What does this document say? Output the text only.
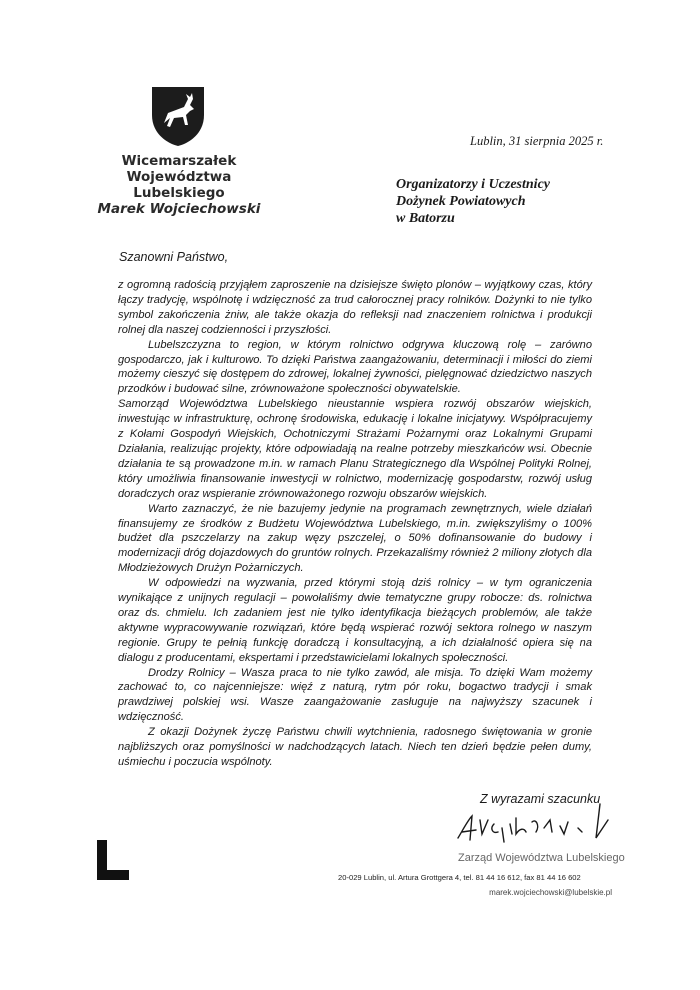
Wicemarszałek
Województwa Lubelskiego
Marek Wojciechowski
Lublin, 31 sierpnia 2025 r.
Organizatorzy i Uczestnicy
Dożynek Powiatowych
w Batorzu
Szanowni Państwo,

z ogromną radością przyjąłem zaproszenie na dzisiejsze święto plonów – wyjątkowy czas, który łączy tradycję, wspólnotę i wdzięczność za trud całorocznej pracy rolników. Dożynki to nie tylko symbol zakończenia żniw, ale także okazja do refleksji nad znaczeniem rolnictwa i produkcji rolnej dla naszej codzienności i przyszłości.

Lubelszczyzna to region, w którym rolnictwo odgrywa kluczową rolę – zarówno gospodarczo, jak i kulturowo. To dzięki Państwa zaangażowaniu, determinacji i miłości do ziemi możemy cieszyć się dostępem do zdrowej, lokalnej żywności, pielęgnować dziedzictwo naszych przodków i budować silne, zrównoważone społeczności obywatelskie.

Samorząd Województwa Lubelskiego nieustannie wspiera rozwój obszarów wiejskich, inwestując w infrastrukturę, ochronę środowiska, edukację i lokalne inicjatywy. Współpracujemy z Kołami Gospodyń Wiejskich, Ochotniczymi Strażami Pożarnymi oraz Lokalnymi Grupami Działania, realizując projekty, które odpowiadają na realne potrzeby mieszkańców wsi. Obecnie działania te są prowadzone m.in. w ramach Planu Strategicznego dla Wspólnej Polityki Rolnej, który umożliwia finansowanie inwestycji w rolnictwo, modernizację gospodarstw, rozwój usług doradczych oraz wspieranie zrównoważonego rozwoju obszarów wiejskich.

Warto zaznaczyć, że nie bazujemy jedynie na programach zewnętrznych, wiele działań finansujemy ze środków z Budżetu Województwa Lubelskiego, m.in. zwiększyliśmy o 100% budżet dla pszczelarzy na zakup węzy pszczelej, o 50% dofinansowanie do budowy i modernizacji dróg dojazdowych do gruntów rolnych. Przekazaliśmy również 2 miliony złotych dla Młodzieżowych Drużyn Pożarniczych.

W odpowiedzi na wyzwania, przed którymi stoją dziś rolnicy – w tym ograniczenia wynikające z unijnych regulacji – powołaliśmy dwie tematyczne grupy robocze: ds. rolnictwa oraz ds. chmielu. Ich zadaniem jest nie tylko identyfikacja bieżących problemów, ale także aktywne wypracowywanie rozwiązań, które będą wspierać rozwój sektora rolnego w naszym regionie. Grupy te pełnią funkcję doradczą i konsultacyjną, a ich działalność opiera się na dialogu z producentami, ekspertami i przedstawicielami lokalnych społeczności.

Drodzy Rolnicy – Wasza praca to nie tylko zawód, ale misja. To dzięki Wam możemy zachować to, co najcenniejsze: więź z naturą, rytm pór roku, bogactwo tradycji i smak prawdziwej polskiej wsi. Wasze zaangażowanie zasługuje na najwyższy szacunek i wdzięczność.

Z okazji Dożynek życzę Państwu chwili wytchnienia, radosnego świętowania w gronie najbliższych oraz pomyślności w nadchodzących latach. Niech ten dzień będzie pełen dumy, uśmiechu i poczucia wspólnoty.

Z wyrazami szacunku
Zarząd Województwa Lubelskiego
20-029 Lublin, ul. Artura Grottgera 4, tel. 81 44 16 612, fax 81 44 16 602
marek.wojciechowski@lubelskie.pl
